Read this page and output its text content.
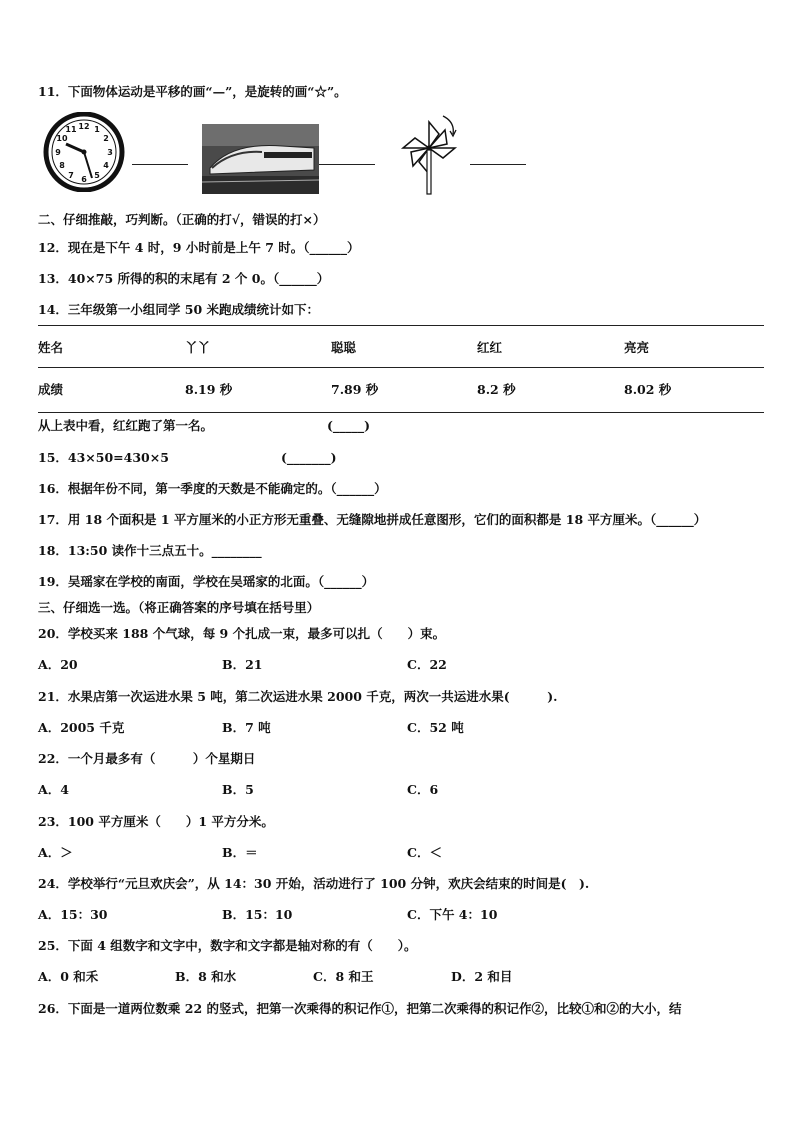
11．下面物体运动是平移的画“—”，是旋转的画“☆”。
12 1
2
3
4
5
6
7
8
9
10
11
二、仔细推敲，巧判断。（正确的打√，错误的打×）
12．现在是下午 4 时，9 小时前是上午 7 时。（______）
13．40×75 所得的积的末尾有 2 个 0。（______）
14．三年级第一小组同学 50 米跑成绩统计如下：
姓名	丫丫	聪聪	红红	亮亮
成绩	8.19 秒	7.89 秒	8.2 秒	8.02 秒
从上表中看，红红跑了第一名。	(_____)
15．43×50=430×5	(_______)
16．根据年份不同，第一季度的天数是不能确定的。（______）
17．用 18 个面积是 1 平方厘米的小正方形无重叠、无缝隙地拼成任意图形，它们的面积都是 18 平方厘米。（______）
18．13:50 读作十三点五十。________
19．吴瑶家在学校的南面，学校在吴瑶家的北面。（______）
三、仔细选一选。（将正确答案的序号填在括号里）
20．学校买来 188 个气球，每 9 个扎成一束，最多可以扎（　　）束。
A．20	B．21	C．22
21．水果店第一次运进水果 5 吨，第二次运进水果 2000 千克，两次一共运进水果(　　　).
A．2005 千克	B．7 吨	C．52 吨
22．一个月最多有（　　　）个星期日
A．4	B．5	C．6
23．100 平方厘米（　　）1 平方分米。
A．＞	B．＝	C．＜
24．学校举行“元旦欢庆会”，从 14：30 开始，活动进行了 100 分钟，欢庆会结束的时间是(　).
A．15：30	B．15：10	C．下午 4：10
25．下面 4 组数字和文字中，数字和文字都是轴对称的有（　　）。
A．0 和禾	B．8 和水	C．8 和王	D．2 和目
26．下面是一道两位数乘 22 的竖式，把第一次乘得的积记作①，把第二次乘得的积记作②，比较①和②的大小，结
